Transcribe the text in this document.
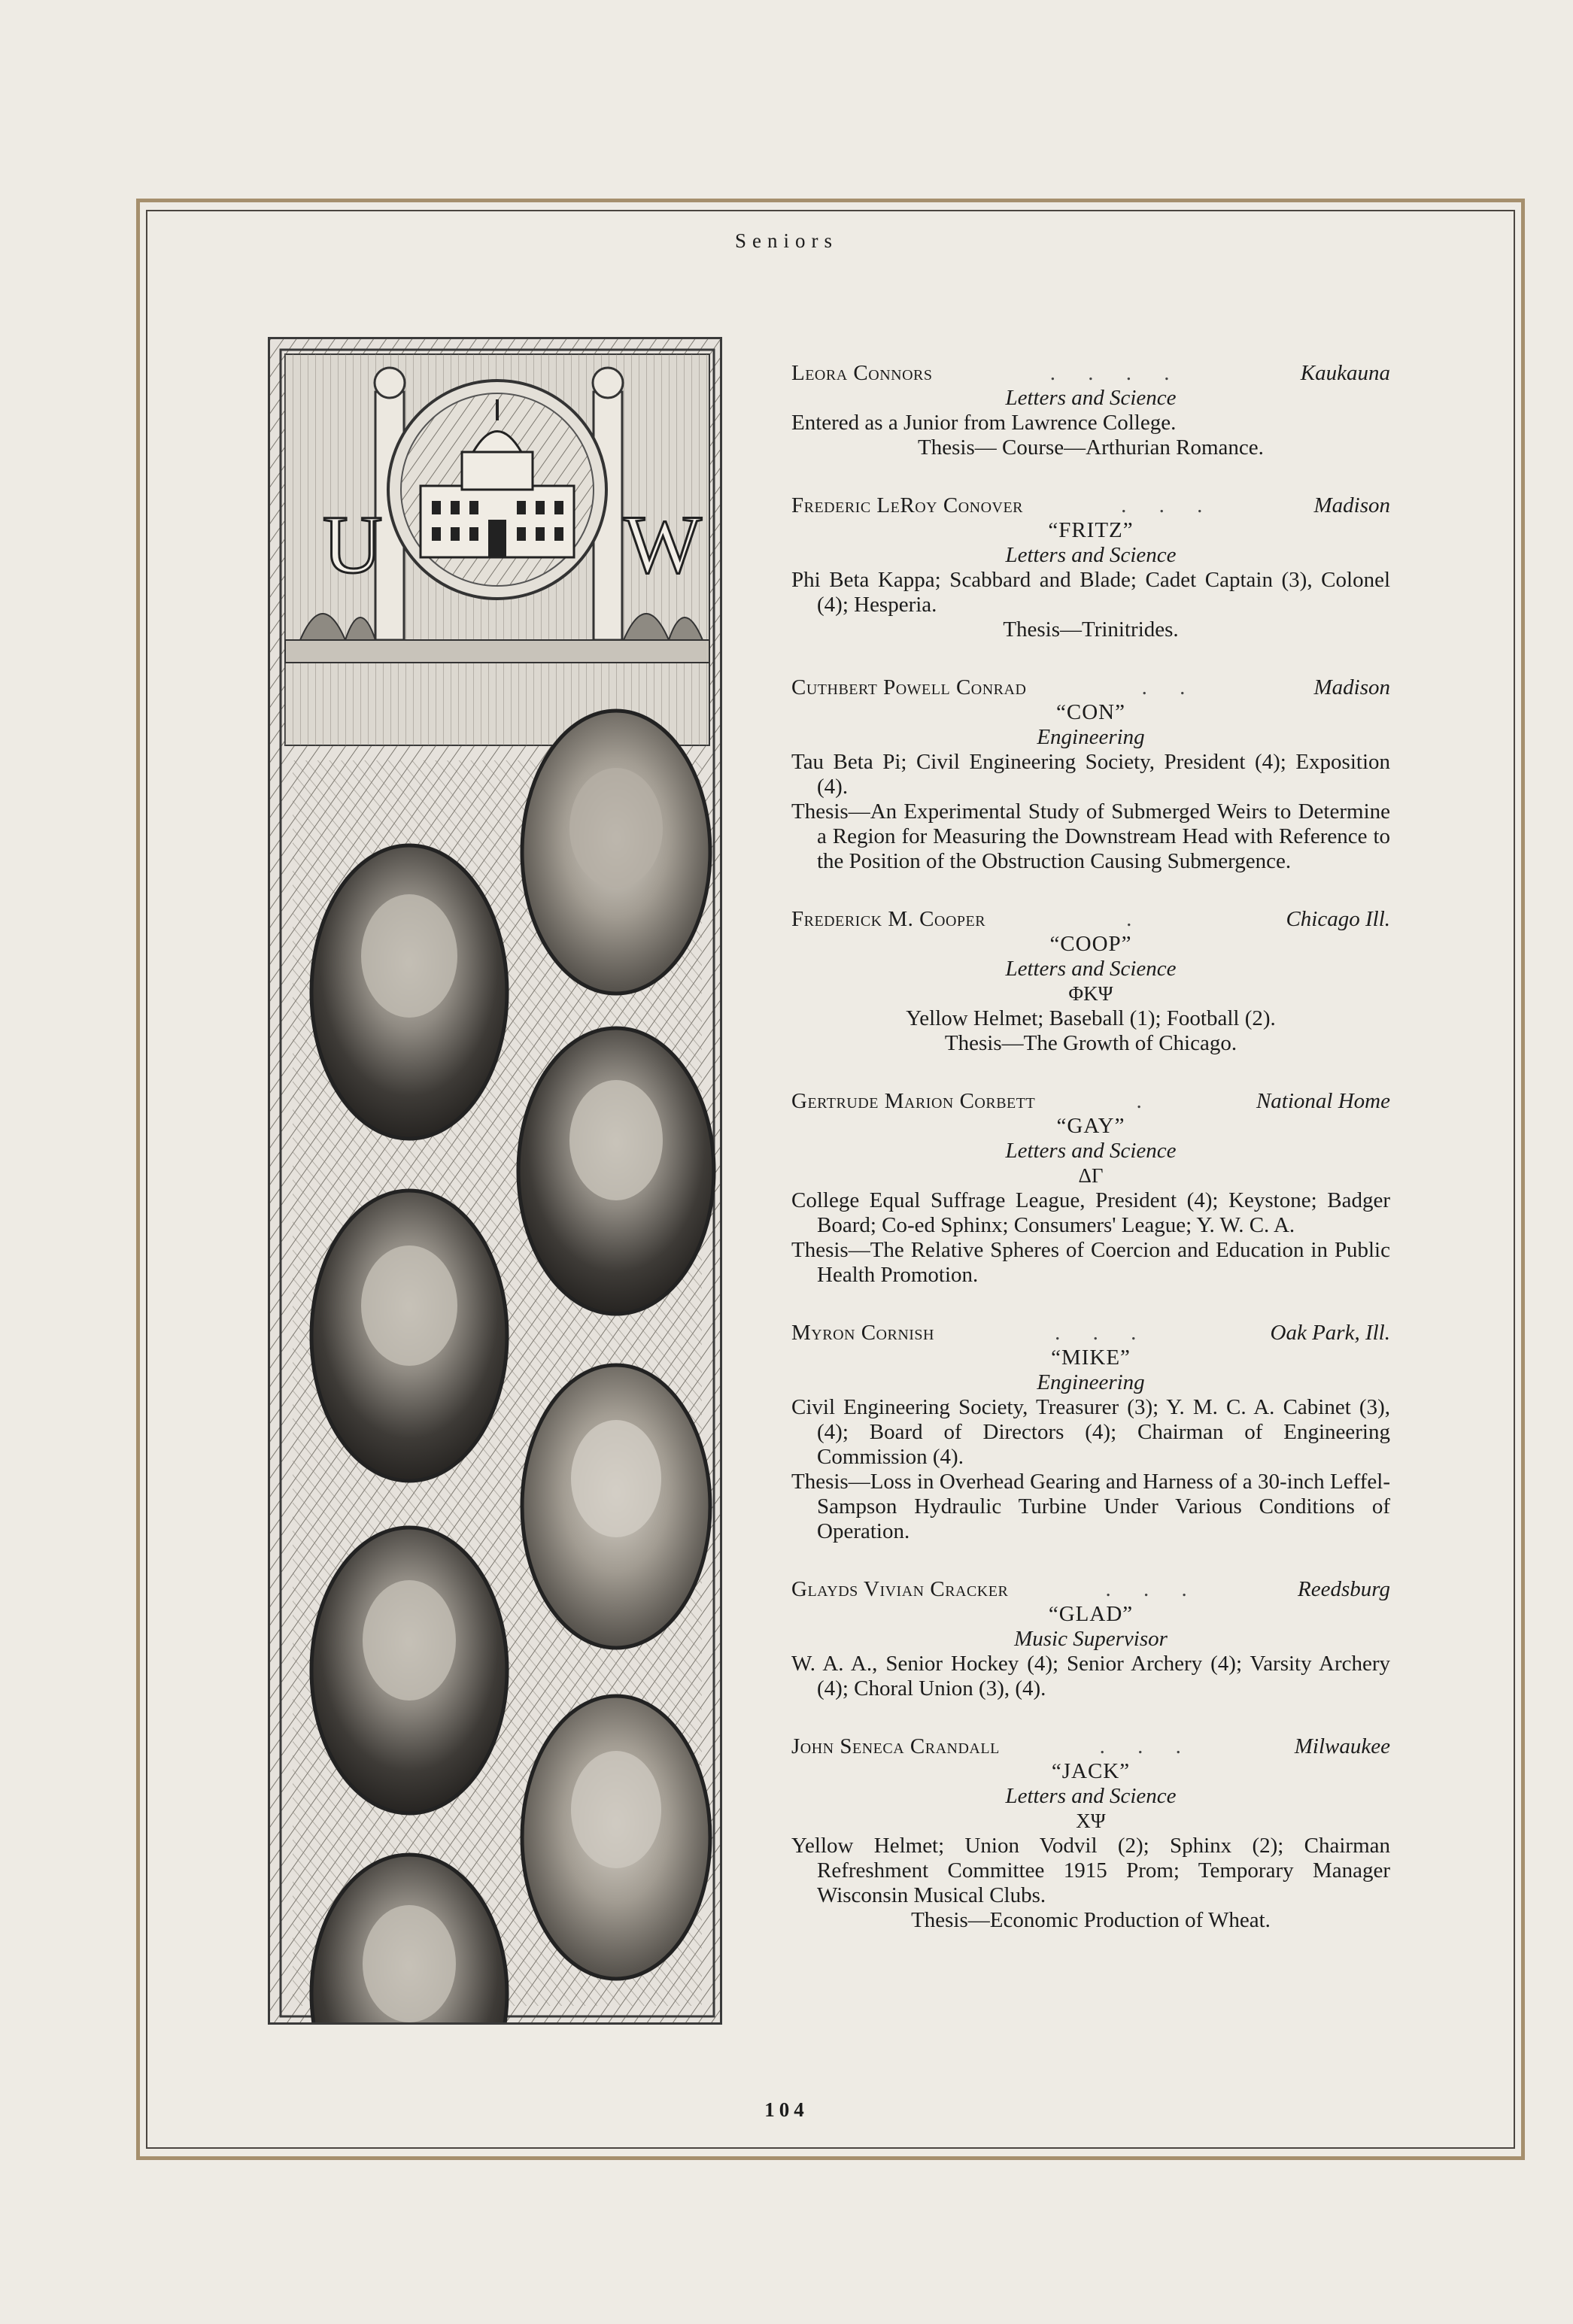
Seniors
U	W
Leora Connors	. . . .	Kaukauna
Letters and Science
Entered as a Junior from Lawrence College.
Thesis— Course—Arthurian Romance.
Frederic LeRoy Conover	. . .	Madison
“FRITZ”
Letters and Science
Phi Beta Kappa; Scabbard and Blade; Cadet Captain (3), Colonel (4); Hesperia.
Thesis—Trinitrides.
Cuthbert Powell Conrad	. .	Madison
“CON”
Engineering
Tau Beta Pi; Civil Engineering Society, President (4); Exposition (4).
Thesis—An Experimental Study of Submerged Weirs to Determine a Region for Measuring the Downstream Head with Reference to the Position of the Obstruction Causing Submergence.
Frederick M. Cooper	.	Chicago Ill.
“COOP”
Letters and Science
ΦΚΨ
Yellow Helmet; Baseball (1); Football (2).
Thesis—The Growth of Chicago.
Gertrude Marion Corbett	.	National Home
“GAY”
Letters and Science
ΔΓ
College Equal Suffrage League, President (4); Keystone; Badger Board; Co-ed Sphinx; Consumers' League; Y. W. C. A.
Thesis—The Relative Spheres of Coercion and Education in Public Health Promotion.
Myron Cornish	. . .	Oak Park, Ill.
“MIKE”
Engineering
Civil Engineering Society, Treasurer (3); Y. M. C. A. Cabinet (3), (4); Board of Directors (4); Chairman of Engineering Commission (4).
Thesis—Loss in Overhead Gearing and Harness of a 30-inch Leffel-Sampson Hydraulic Turbine Under Various Conditions of Operation.
Glayds Vivian Cracker	. . .	Reedsburg
“GLAD”
Music Supervisor
W. A. A., Senior Hockey (4); Senior Archery (4); Varsity Archery (4); Choral Union (3), (4).
John Seneca Crandall	. . .	Milwaukee
“JACK”
Letters and Science
ΧΨ
Yellow Helmet; Union Vodvil (2); Sphinx (2); Chairman Refreshment Committee 1915 Prom; Temporary Manager Wisconsin Musical Clubs.
Thesis—Economic Production of Wheat.
104
